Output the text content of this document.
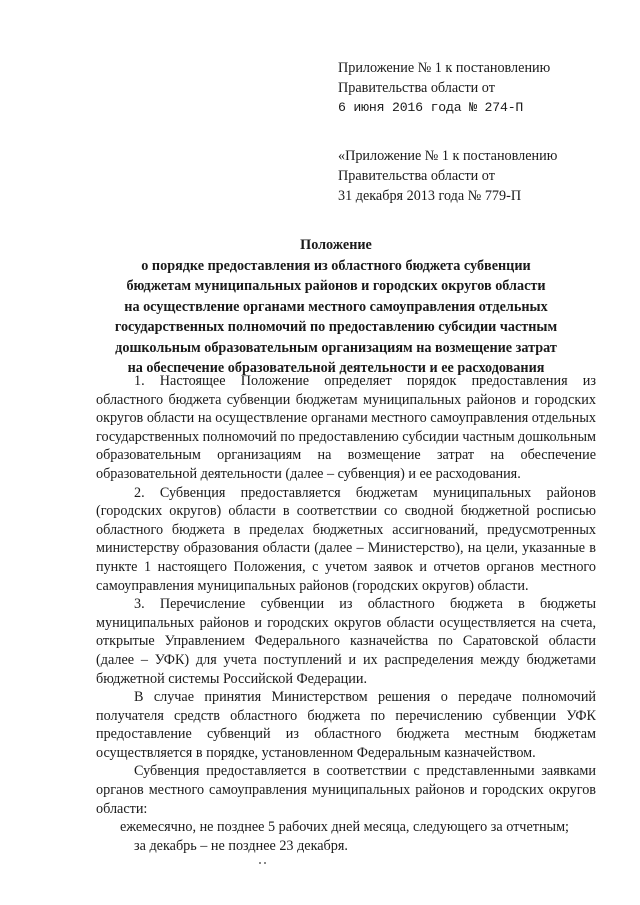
Приложение № 1 к постановлению
Правительства области от
6 июня 2016 года № 274-П
«Приложение № 1 к постановлению
Правительства области от
31 декабря 2013 года № 779-П
Положение
о порядке предоставления из областного бюджета субвенции
бюджетам муниципальных районов и городских округов области
на осуществление органами местного самоуправления отдельных
государственных полномочий по предоставлению субсидии частным
дошкольным образовательным организациям на возмещение затрат
на обеспечение образовательной деятельности и ее расходования

1. Настоящее Положение определяет порядок предоставления из областного бюджета субвенции бюджетам муниципальных районов и городских округов области на осуществление органами местного самоуправления отдельных государственных полномочий по предоставлению субсидии частным дошкольным образовательным организациям на возмещение затрат на обеспечение образовательной деятельности (далее – субвенция) и ее расходования.

2. Субвенция предоставляется бюджетам муниципальных районов (городских округов) области в соответствии со сводной бюджетной росписью областного бюджета в пределах бюджетных ассигнований, предусмотренных министерству образования области (далее – Министерство), на цели, указанные в пункте 1 настоящего Положения, с учетом заявок и отчетов органов местного самоуправления муниципальных районов (городских округов) области.

3. Перечисление субвенции из областного бюджета в бюджеты муниципальных районов и городских округов области осуществляется на счета, открытые Управлением Федерального казначейства по Саратовской области (далее – УФК) для учета поступлений и их распределения между бюджетами бюджетной системы Российской Федерации.

В случае принятия Министерством решения о передаче полномочий получателя средств областного бюджета по перечислению субвенции УФК предоставление субвенций из областного бюджета местным бюджетам осуществляется в порядке, установленном Федеральным казначейством.

Субвенция предоставляется в соответствии с представленными заявками органов местного самоуправления муниципальных районов и городских округов области:

ежемесячно, не позднее 5 рабочих дней месяца, следующего за отчетным;

за декабрь – не позднее 23 декабря.
